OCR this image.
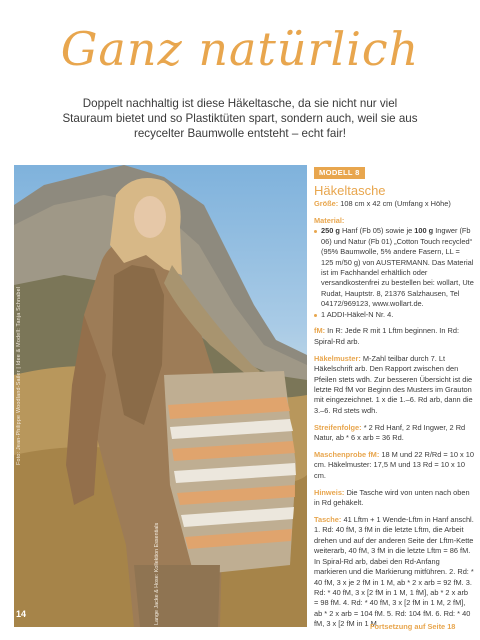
Ganz natürlich
Doppelt nachhaltig ist diese Häkeltasche, da sie nicht nur viel Stauraum bietet und so Plastiktüten spart, sondern auch, weil sie aus recycelter Baumwolle entsteht – echt fair!
Foto: Jean-Philippe Woodland-Sailer | Idee & Modell: Tanja Schnabel
Lange Jacke & Hose: Kollektion Essentials
14
MODELL 8
Häkeltasche

Größe: 108 cm x 42 cm (Umfang x Höhe)

Material:
250 g Hanf (Fb 05) sowie je 100 g Ingwer (Fb 06) und Natur (Fb 01) „Cotton Touch recycled“ (95% Baumwolle, 5% andere Fasern, LL = 125 m/50 g) von AUSTERMANN. Das Material ist im Fachhandel erhältlich oder versandkostenfrei zu bestellen bei: wollart, Ute Rudat, Hauptstr. 8, 21376 Salzhausen, Tel 04172/969123, www.wollart.de.
1 ADDI-Häkel-N Nr. 4.

fM: In R: Jede R mit 1 Lftm beginnen. In Rd: Spiral-Rd arb.

Häkelmuster: M-Zahl teilbar durch 7. Lt Häkelschrift arb. Den Rapport zwischen den Pfeilen stets wdh. Zur besseren Übersicht ist die letzte Rd fM vor Beginn des Musters im Grauton mit eingezeichnet. 1 x die 1.–6. Rd arb, dann die 3.–6. Rd stets wdh.

Streifenfolge: * 2 Rd Hanf, 2 Rd Ingwer, 2 Rd Natur, ab * 6 x arb = 36 Rd.

Maschenprobe fM: 18 M und 22 R/Rd = 10 x 10 cm. Häkelmuster: 17,5 M und 13 Rd = 10 x 10 cm.

Hinweis: Die Tasche wird von unten nach oben in Rd gehäkelt.

Tasche: 41 Lftm + 1 Wende-Lftm in Hanf anschl. 1. Rd: 40 fM, 3 fM in die letzte Lftm, die Arbeit drehen und auf der anderen Seite der Lftm-Kette weiterarb, 40 fM, 3 fM in die letzte Lftm = 86 fM. In Spiral-Rd arb, dabei den Rd-Anfang markieren und die Markierung mitführen. 2. Rd: * 40 fM, 3 x je 2 fM in 1 M, ab * 2 x arb = 92 fM. 3. Rd: * 40 fM, 3 x [2 fM in 1 M, 1 fM], ab * 2 x arb = 98 fM. 4. Rd: * 40 fM, 3 x [2 fM in 1 M, 2 fM], ab * 2 x arb = 104 fM. 5. Rd: 104 fM. 6. Rd: * 40 fM, 3 x [2 fM in 1 M,

Fortsetzung auf Seite 18
